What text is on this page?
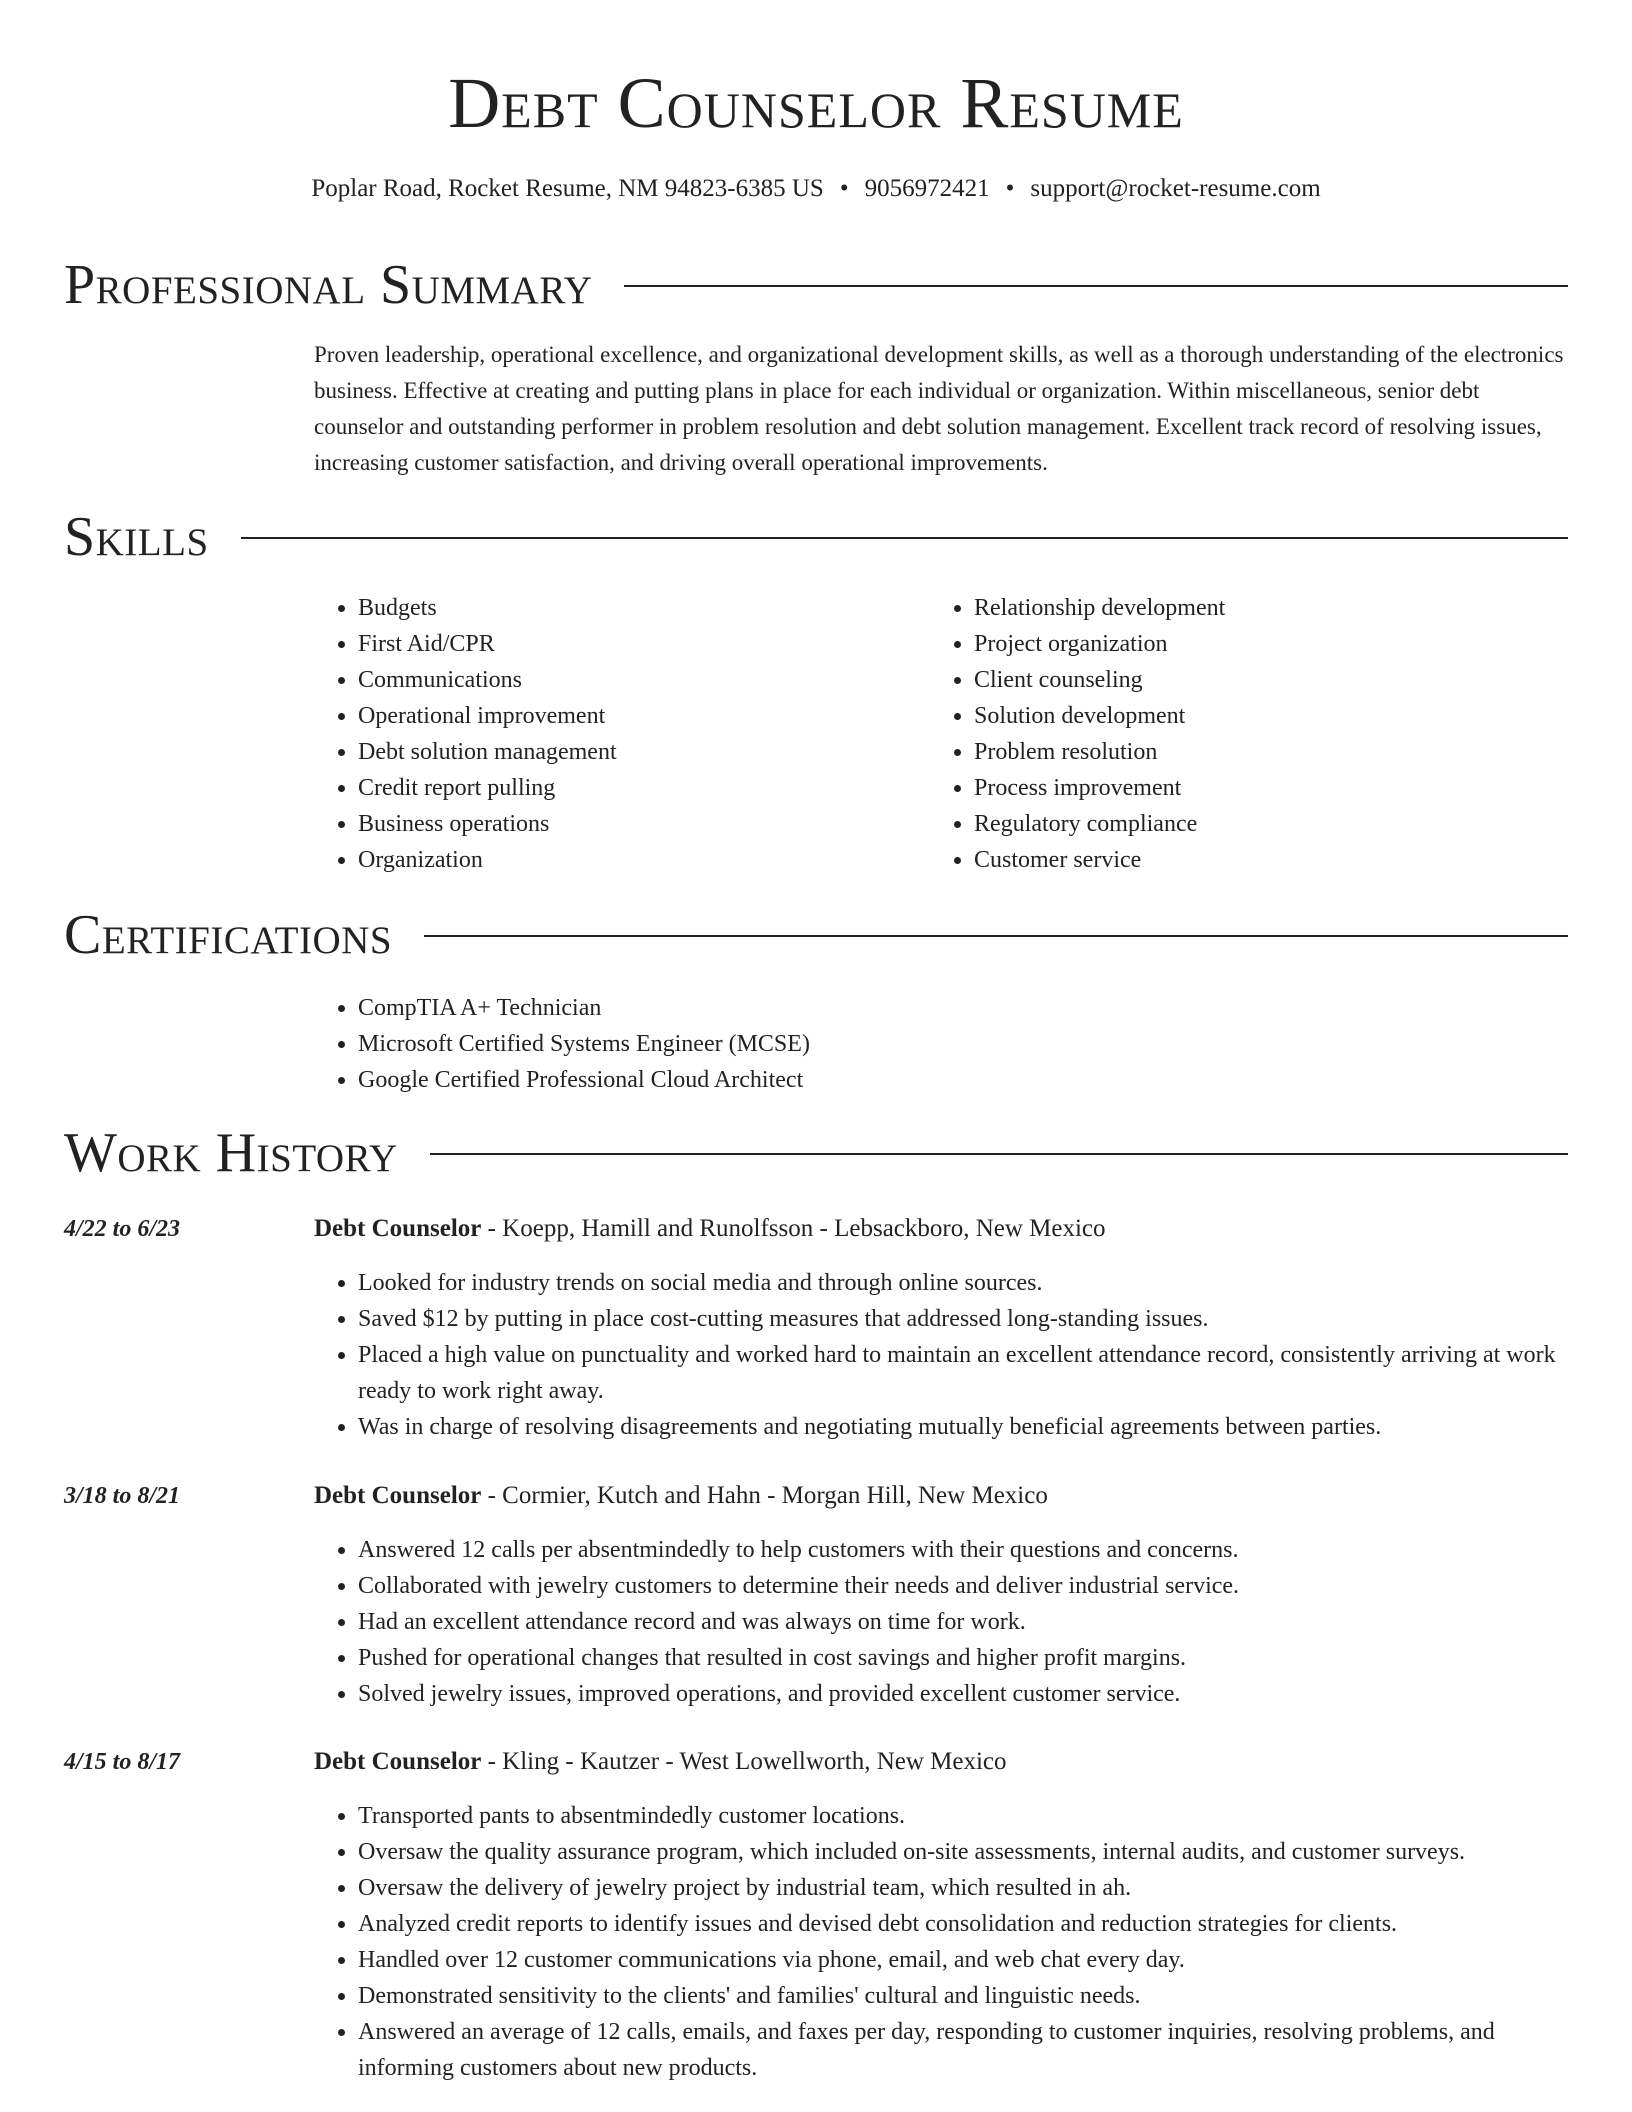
Debt Counselor Resume
Poplar Road, Rocket Resume, NM 94823-6385 US • 9056972421 • support@rocket-resume.com
Professional Summary

Proven leadership, operational excellence, and organizational development skills, as well as a thorough understanding of the electronics business. Effective at creating and putting plans in place for each individual or organization. Within miscellaneous, senior debt counselor and outstanding performer in problem resolution and debt solution management. Excellent track record of resolving issues, increasing customer satisfaction, and driving overall operational improvements.

Skills
• Budgets
• First Aid/CPR
• Communications
• Operational improvement
• Debt solution management
• Credit report pulling
• Business operations
• Organization
• Relationship development
• Project organization
• Client counseling
• Solution development
• Problem resolution
• Process improvement
• Regulatory compliance
• Customer service
Certifications
• CompTIA A+ Technician
• Microsoft Certified Systems Engineer (MCSE)
• Google Certified Professional Cloud Architect
Work History
4/22 to 6/23	Debt Counselor - Koepp, Hamill and Runolfsson - Lebsackboro, New Mexico
• Looked for industry trends on social media and through online sources.
• Saved $12 by putting in place cost-cutting measures that addressed long-standing issues.
• Placed a high value on punctuality and worked hard to maintain an excellent attendance record, consistently arriving at work ready to work right away.
• Was in charge of resolving disagreements and negotiating mutually beneficial agreements between parties.
3/18 to 8/21	Debt Counselor - Cormier, Kutch and Hahn - Morgan Hill, New Mexico
• Answered 12 calls per absentmindedly to help customers with their questions and concerns.
• Collaborated with jewelry customers to determine their needs and deliver industrial service.
• Had an excellent attendance record and was always on time for work.
• Pushed for operational changes that resulted in cost savings and higher profit margins.
• Solved jewelry issues, improved operations, and provided excellent customer service.
4/15 to 8/17	Debt Counselor - Kling - Kautzer - West Lowellworth, New Mexico
• Transported pants to absentmindedly customer locations.
• Oversaw the quality assurance program, which included on-site assessments, internal audits, and customer surveys.
• Oversaw the delivery of jewelry project by industrial team, which resulted in ah.
• Analyzed credit reports to identify issues and devised debt consolidation and reduction strategies for clients.
• Handled over 12 customer communications via phone, email, and web chat every day.
• Demonstrated sensitivity to the clients' and families' cultural and linguistic needs.
• Answered an average of 12 calls, emails, and faxes per day, responding to customer inquiries, resolving problems, and informing customers about new products.
